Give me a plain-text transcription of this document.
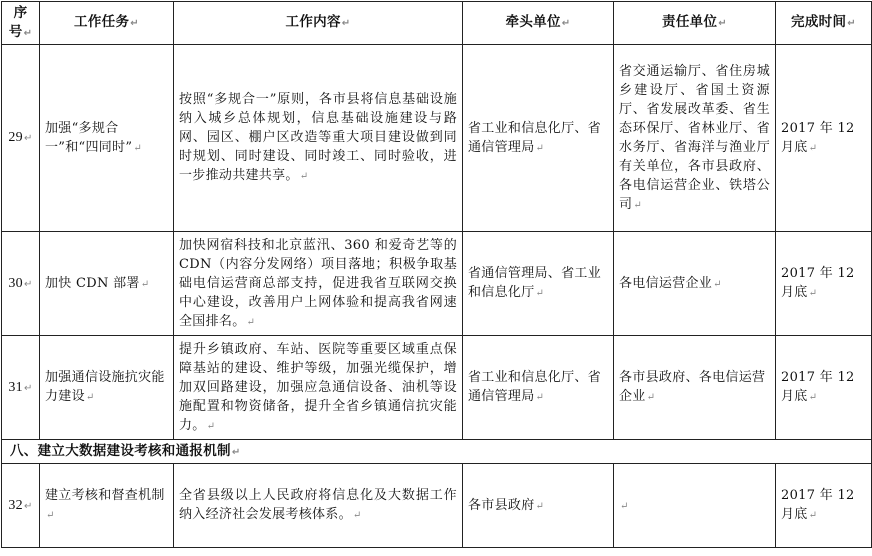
序号↵	工作任务↵	工作内容↵	牵头单位↵	责任单位↵	完成时间↵
29↵	加强“多规合一”和“四同时”↵	按照“多规合一”原则，各市县将信息基础设施纳入城乡总体规划，信息基础设施建设与路网、园区、棚户区改造等重大项目建设做到同时规划、同时建设、同时竣工、同时验收，进一步推动共建共享。↵	省工业和信息化厅、省通信管理局↵	省交通运输厅、省住房城乡建设厅、省国土资源厅、省发展改革委、省生态环保厅、省林业厅、省水务厅、省海洋与渔业厅有关单位，各市县政府、各电信运营企业、铁塔公司↵	2017 年 12 月底↵
30↵	加快 CDN 部署↵	加快网宿科技和北京蓝汛、360 和爱奇艺等的 CDN（内容分发网络）项目落地；积极争取基础电信运营商总部支持，促进我省互联网交换中心建设，改善用户上网体验和提高我省网速全国排名。↵	省通信管理局、省工业和信息化厅↵	各电信运营企业↵	2017 年 12 月底↵
31↵	加强通信设施抗灾能力建设↵	提升乡镇政府、车站、医院等重要区域重点保障基站的建设、维护等级，加强光缆保护，增加双回路建设，加强应急通信设备、油机等设施配置和物资储备，提升全省乡镇通信抗灾能力。↵	省工业和信息化厅、省通信管理局↵	各市县政府、各电信运营企业↵	2017 年 12 月底↵
八、建立大数据建设考核和通报机制↵					
32↵	建立考核和督查机制↵	全省县级以上人民政府将信息化及大数据工作纳入经济社会发展考核体系。↵	各市县政府↵	↵	2017 年 12 月底↵
